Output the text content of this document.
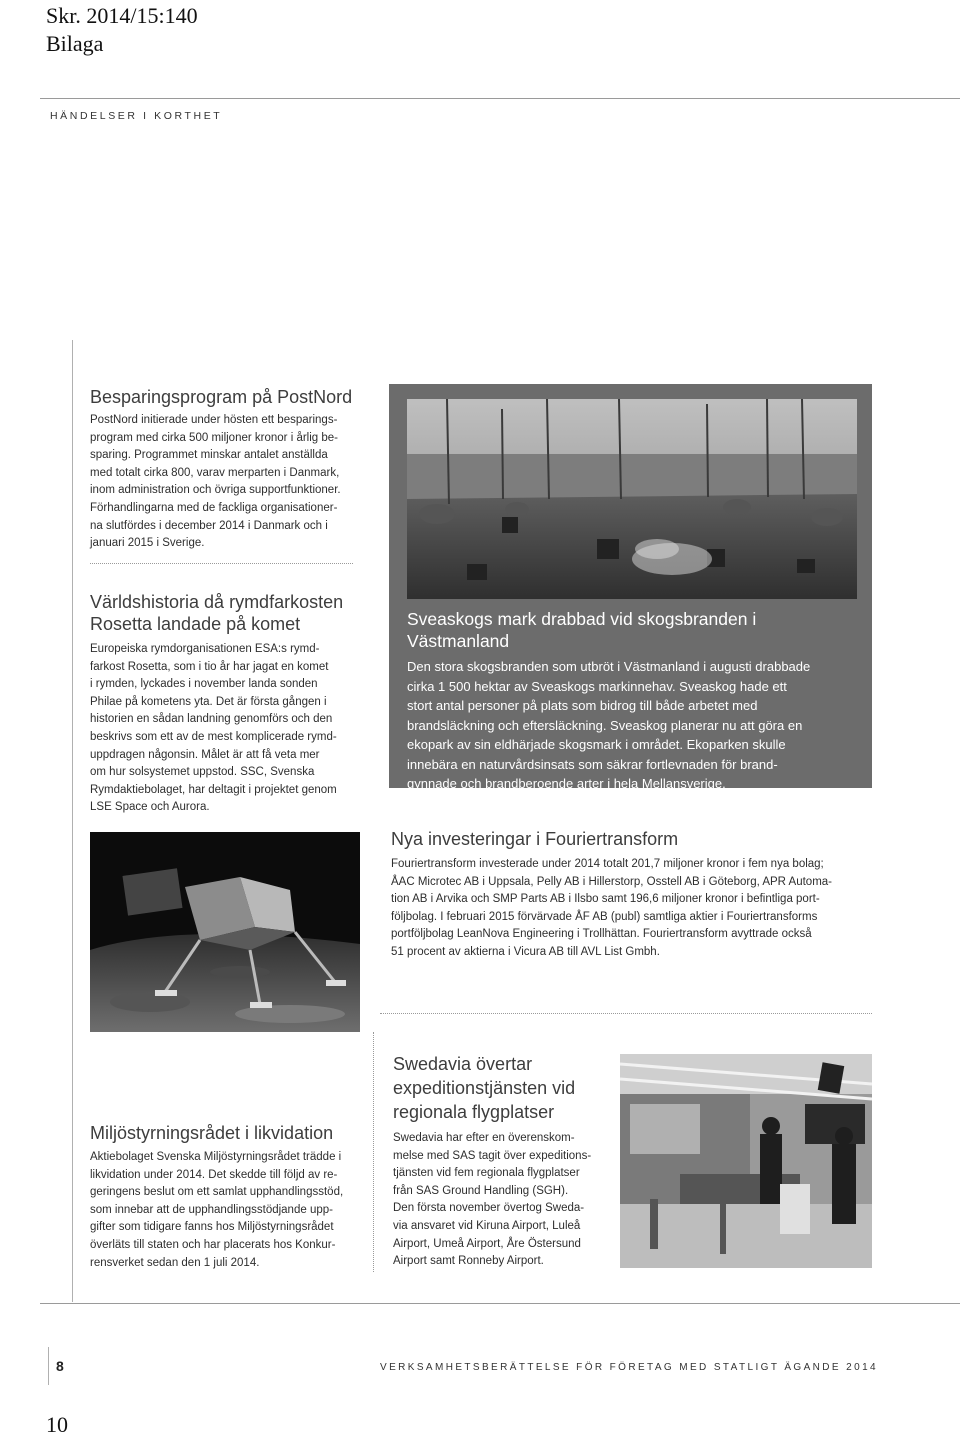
Skr. 2014/15:140
Bilaga
HÄNDELSER I KORTHET
Besparingsprogram på PostNord

PostNord initierade under hösten ett besparings-
program med cirka 500 miljoner kronor i årlig be-
sparing. Programmet minskar antalet anställda
med totalt cirka 800, varav merparten i Danmark,
inom administration och övriga supportfunktioner.
Förhandlingarna med de fackliga organisationer-
na slutfördes i december 2014 i Danmark och i
januari 2015 i Sverige.

Världshistoria då rymdfarkosten
Rosetta landade på komet

Europeiska rymdorganisationen ESA:s rymd-
farkost Rosetta, som i tio år har jagat en komet
i rymden, lyckades i november landa sonden
Philae på kometens yta. Det är första gången i
historien en sådan landning genomförs och den
beskrivs som ett av de mest komplicerade rymd-
uppdragen någonsin. Målet är att få veta mer
om hur solsystemet uppstod. SSC, Svenska
Rymdaktiebolaget, har deltagit i projektet genom
LSE Space och Aurora.

Sveaskogs mark drabbad vid skogsbranden i Västmanland

Den stora skogsbranden som utbröt i Västmanland i augusti drabbade
cirka 1 500 hektar av Sveaskogs markinnehav. Sveaskog hade ett
stort antal personer på plats som bidrog till både arbetet med
brandsläckning och eftersläckning. Sveaskog planerar nu att göra en
ekopark av sin eldhärjade skogsmark i området. Ekoparken skulle
innebära en naturvårdsinsats som säkrar fortlevnaden för brand-
gynnade och brandberoende arter i hela Mellansverige.

Nya investeringar i Fouriertransform

Fouriertransform investerade under 2014 totalt 201,7 miljoner kronor i fem nya bolag;
ÅAC Microtec AB i Uppsala, Pelly AB i Hillerstorp, Osstell AB i Göteborg, APR Automa-
tion AB i Arvika och SMP Parts AB i Ilsbo samt 196,6 miljoner kronor i befintliga port-
följbolag. I februari 2015 förvärvade ÅF AB (publ) samtliga aktier i Fouriertransforms
portföljbolag LeanNova Engineering i Trollhättan. Fouriertransform avyttrade också
51 procent av aktierna i Vicura AB till AVL List Gmbh.

Miljöstyrningsrådet i likvidation

Aktiebolaget Svenska Miljöstyrningsrådet trädde i
likvidation under 2014. Det skedde till följd av re-
geringens beslut om ett samlat upphandlingsstöd,
som innebar att de upphandlingsstödjande upp-
gifter som tidigare fanns hos Miljöstyrningsrådet
överläts till staten och har placerats hos Konkur-
rensverket sedan den 1 juli 2014.

Swedavia övertar
expeditionstjänsten vid
regionala flygplatser

Swedavia har efter en överenskom-
melse med SAS tagit över expeditions-
tjänsten vid fem regionala flygplatser
från SAS Ground Handling (SGH).
Den första november övertog Sweda-
via ansvaret vid Kiruna Airport, Luleå
Airport, Umeå Airport, Åre Östersund
Airport samt Ronneby Airport.

8	VERKSAMHETSBERÄTTELSE FÖR FÖRETAG MED STATLIGT ÄGANDE 2014
10
